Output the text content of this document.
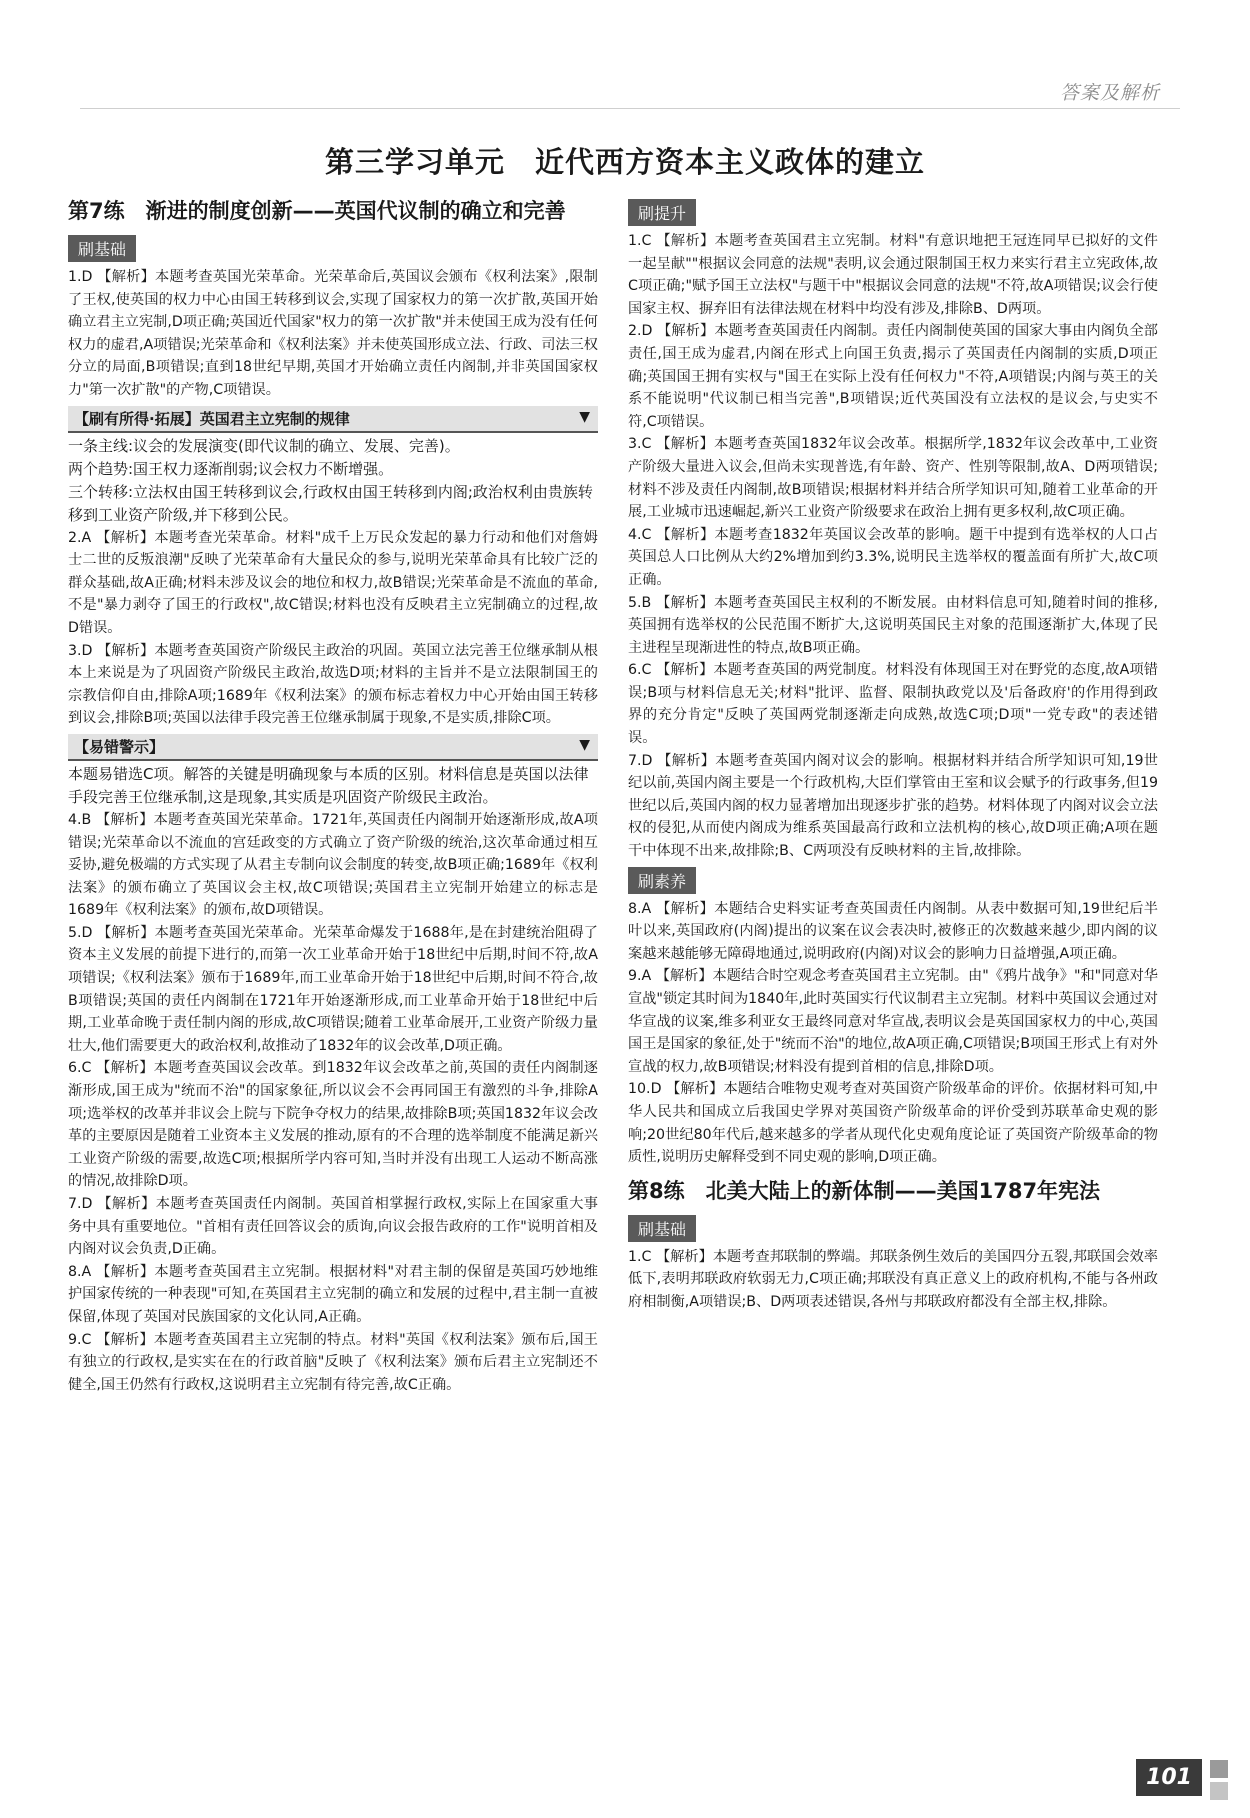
答案及解析
第三学习单元　近代西方资本主义政体的建立
第7练　渐进的制度创新——英国代议制的确立和完善
刷基础

1.D 【解析】本题考查英国光荣革命。光荣革命后,英国议会颁布《权利法案》,限制了王权,使英国的权力中心由国王转移到议会,实现了国家权力的第一次扩散,英国开始确立君主立宪制,D项正确;英国近代国家"权力的第一次扩散"并未使国王成为没有任何权力的虚君,A项错误;光荣革命和《权利法案》并未使英国形成立法、行政、司法三权分立的局面,B项错误;直到18世纪早期,英国才开始确立责任内阁制,并非英国国家权力"第一次扩散"的产物,C项错误。

【刷有所得·拓展】英国君主立宪制的规律	▼

一条主线:议会的发展演变(即代议制的确立、发展、完善)。

两个趋势:国王权力逐渐削弱;议会权力不断增强。

三个转移:立法权由国王转移到议会,行政权由国王转移到内阁;政治权利由贵族转移到工业资产阶级,并下移到公民。

2.A 【解析】本题考查光荣革命。材料"成千上万民众发起的暴力行动和他们对詹姆士二世的反叛浪潮"反映了光荣革命有大量民众的参与,说明光荣革命具有比较广泛的群众基础,故A正确;材料未涉及议会的地位和权力,故B错误;光荣革命是不流血的革命,不是"暴力剥夺了国王的行政权",故C错误;材料也没有反映君主立宪制确立的过程,故D错误。

3.D 【解析】本题考查英国资产阶级民主政治的巩固。英国立法完善王位继承制从根本上来说是为了巩固资产阶级民主政治,故选D项;材料的主旨并不是立法限制国王的宗教信仰自由,排除A项;1689年《权利法案》的颁布标志着权力中心开始由国王转移到议会,排除B项;英国以法律手段完善王位继承制属于现象,不是实质,排除C项。

【易错警示】	▼

本题易错选C项。解答的关键是明确现象与本质的区别。材料信息是英国以法律手段完善王位继承制,这是现象,其实质是巩固资产阶级民主政治。

4.B 【解析】本题考查英国光荣革命。1721年,英国责任内阁制开始逐渐形成,故A项错误;光荣革命以不流血的宫廷政变的方式确立了资产阶级的统治,这次革命通过相互妥协,避免极端的方式实现了从君主专制向议会制度的转变,故B项正确;1689年《权利法案》的颁布确立了英国议会主权,故C项错误;英国君主立宪制开始建立的标志是1689年《权利法案》的颁布,故D项错误。

5.D 【解析】本题考查英国光荣革命。光荣革命爆发于1688年,是在封建统治阻碍了资本主义发展的前提下进行的,而第一次工业革命开始于18世纪中后期,时间不符,故A项错误;《权利法案》颁布于1689年,而工业革命开始于18世纪中后期,时间不符合,故B项错误;英国的责任内阁制在1721年开始逐渐形成,而工业革命开始于18世纪中后期,工业革命晚于责任制内阁的形成,故C项错误;随着工业革命展开,工业资产阶级力量壮大,他们需要更大的政治权利,故推动了1832年的议会改革,D项正确。

6.C 【解析】本题考查英国议会改革。到1832年议会改革之前,英国的责任内阁制逐渐形成,国王成为"统而不治"的国家象征,所以议会不会再同国王有激烈的斗争,排除A项;选举权的改革并非议会上院与下院争夺权力的结果,故排除B项;英国1832年议会改革的主要原因是随着工业资本主义发展的推动,原有的不合理的选举制度不能满足新兴工业资产阶级的需要,故选C项;根据所学内容可知,当时并没有出现工人运动不断高涨的情况,故排除D项。

7.D 【解析】本题考查英国责任内阁制。英国首相掌握行政权,实际上在国家重大事务中具有重要地位。"首相有责任回答议会的质询,向议会报告政府的工作"说明首相及内阁对议会负责,D正确。

8.A 【解析】本题考查英国君主立宪制。根据材料"对君主制的保留是英国巧妙地维护国家传统的一种表现"可知,在英国君主立宪制的确立和发展的过程中,君主制一直被保留,体现了英国对民族国家的文化认同,A正确。

9.C 【解析】本题考查英国君主立宪制的特点。材料"英国《权利法案》颁布后,国王有独立的行政权,是实实在在的行政首脑"反映了《权利法案》颁布后君主立宪制还不健全,国王仍然有行政权,这说明君主立宪制有待完善,故C正确。

刷提升

1.C 【解析】本题考查英国君主立宪制。材料"有意识地把王冠连同早已拟好的文件一起呈献""根据议会同意的法规"表明,议会通过限制国王权力来实行君主立宪政体,故C项正确;"赋予国王立法权"与题干中"根据议会同意的法规"不符,故A项错误;议会行使国家主权、摒弃旧有法律法规在材料中均没有涉及,排除B、D两项。

2.D 【解析】本题考查英国责任内阁制。责任内阁制使英国的国家大事由内阁负全部责任,国王成为虚君,内阁在形式上向国王负责,揭示了英国责任内阁制的实质,D项正确;英国国王拥有实权与"国王在实际上没有任何权力"不符,A项错误;内阁与英王的关系不能说明"代议制已相当完善",B项错误;近代英国没有立法权的是议会,与史实不符,C项错误。

3.C 【解析】本题考查英国1832年议会改革。根据所学,1832年议会改革中,工业资产阶级大量进入议会,但尚未实现普选,有年龄、资产、性别等限制,故A、D两项错误;材料不涉及责任内阁制,故B项错误;根据材料并结合所学知识可知,随着工业革命的开展,工业城市迅速崛起,新兴工业资产阶级要求在政治上拥有更多权利,故C项正确。

4.C 【解析】本题考查1832年英国议会改革的影响。题干中提到有选举权的人口占英国总人口比例从大约2%增加到约3.3%,说明民主选举权的覆盖面有所扩大,故C项正确。

5.B 【解析】本题考查英国民主权利的不断发展。由材料信息可知,随着时间的推移,英国拥有选举权的公民范围不断扩大,这说明英国民主对象的范围逐渐扩大,体现了民主进程呈现渐进性的特点,故B项正确。

6.C 【解析】本题考查英国的两党制度。材料没有体现国王对在野党的态度,故A项错误;B项与材料信息无关;材料"批评、监督、限制执政党以及'后备政府'的作用得到政界的充分肯定"反映了英国两党制逐渐走向成熟,故选C项;D项"一党专政"的表述错误。

7.D 【解析】本题考查英国内阁对议会的影响。根据材料并结合所学知识可知,19世纪以前,英国内阁主要是一个行政机构,大臣们掌管由王室和议会赋予的行政事务,但19世纪以后,英国内阁的权力显著增加出现逐步扩张的趋势。材料体现了内阁对议会立法权的侵犯,从而使内阁成为维系英国最高行政和立法机构的核心,故D项正确;A项在题干中体现不出来,故排除;B、C两项没有反映材料的主旨,故排除。

刷素养

8.A 【解析】本题结合史料实证考查英国责任内阁制。从表中数据可知,19世纪后半叶以来,英国政府(内阁)提出的议案在议会表决时,被修正的次数越来越少,即内阁的议案越来越能够无障碍地通过,说明政府(内阁)对议会的影响力日益增强,A项正确。

9.A 【解析】本题结合时空观念考查英国君主立宪制。由"《鸦片战争》"和"同意对华宣战"锁定其时间为1840年,此时英国实行代议制君主立宪制。材料中英国议会通过对华宣战的议案,维多利亚女王最终同意对华宣战,表明议会是英国国家权力的中心,英国国王是国家的象征,处于"统而不治"的地位,故A项正确,C项错误;B项国王形式上有对外宣战的权力,故B项错误;材料没有提到首相的信息,排除D项。

10.D 【解析】本题结合唯物史观考查对英国资产阶级革命的评价。依据材料可知,中华人民共和国成立后我国史学界对英国资产阶级革命的评价受到苏联革命史观的影响;20世纪80年代后,越来越多的学者从现代化史观角度论证了英国资产阶级革命的物质性,说明历史解释受到不同史观的影响,D项正确。

第8练　北美大陆上的新体制——美国1787年宪法
刷基础

1.C 【解析】本题考查邦联制的弊端。邦联条例生效后的美国四分五裂,邦联国会效率低下,表明邦联政府软弱无力,C项正确;邦联没有真正意义上的政府机构,不能与各州政府相制衡,A项错误;B、D两项表述错误,各州与邦联政府都没有全部主权,排除。

101
